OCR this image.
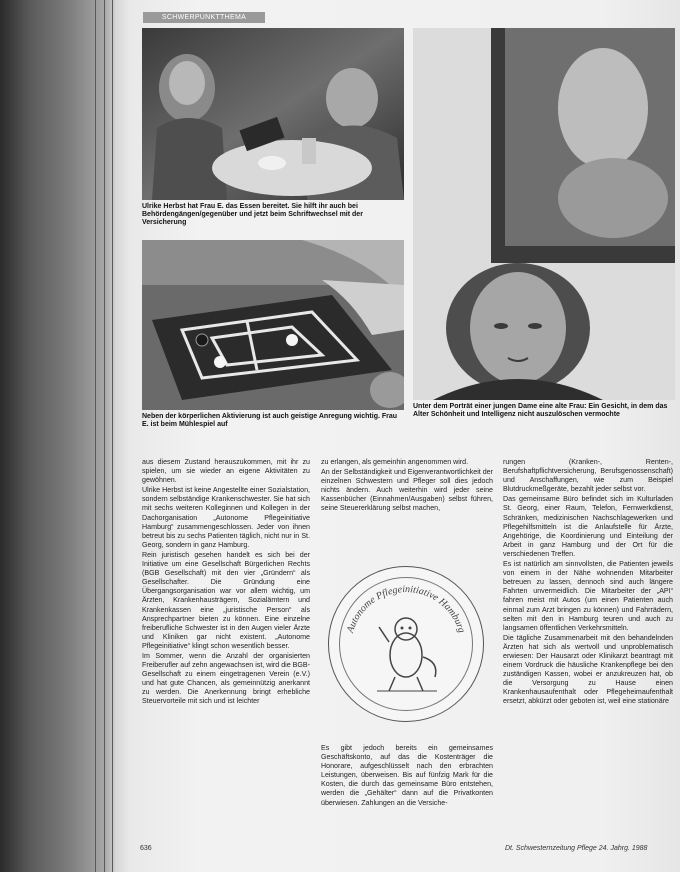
SCHWERPUNKTTHEMA
Ulrike Herbst hat Frau E. das Essen bereitet. Sie hilft ihr auch bei Behördengängen/gegenüber und jetzt beim Schriftwechsel mit der Versicherung
Neben der körperlichen Aktivierung ist auch geistige Anregung wichtig. Frau E. ist beim Mühlespiel auf
Unter dem Porträt einer jungen Dame eine alte Frau: Ein Gesicht, in dem das Alter Schönheit und Intelligenz nicht auszulöschen vermochte

aus diesem Zustand herauszukommen, mit ihr zu spielen, um sie wieder an eigene Aktivitäten zu gewöhnen.

Ulrike Herbst ist keine Angestellte einer Sozialstation, sondern selbständige Krankenschwester. Sie hat sich mit sechs weiteren Kolleginnen und Kollegen in der Dachorganisation „Autonome Pflegeinitiative Hamburg“ zusammengeschlossen. Jeder von ihnen betreut bis zu sechs Patienten täglich, nicht nur in St. Georg, sondern in ganz Hamburg.

Rein juristisch gesehen handelt es sich bei der Initiative um eine Gesellschaft Bürgerlichen Rechts (BGB Gesellschaft) mit den vier „Gründern“ als Gesellschafter. Die Gründung eine Übergangsorganisation war vor allem wichtig, um Ärzten, Krankenhausträgern, Sozialämtern und Krankenkassen eine „juristische Person“ als Ansprechpartner bieten zu können. Eine einzelne freiberufliche Schwester ist in den Augen vieler Ärzte und Kliniken gar nicht existent. „Autonome Pflegeinitiative“ klingt schon wesentlich besser.

Im Sommer, wenn die Anzahl der organisierten Freiberufler auf zehn angewachsen ist, wird die BGB-Gesellschaft zu einem eingetragenen Verein (e.V.) und hat gute Chancen, als gemeinnützig anerkannt zu werden. Die Anerkennung bringt erhebliche Steuervorteile mit sich und ist leichter

zu erlangen, als gemeinhin angenommen wird.

An der Selbständigkeit und Eigenverantwortlichkeit der einzelnen Schwestern und Pfleger soll dies jedoch nichts ändern. Auch weiterhin wird jeder seine Kassenbücher (Einnahmen/Ausgaben) selbst führen, seine Steuererklärung selbst machen,

Autonome Pflegeinitiative Hamburg

Es gibt jedoch bereits ein gemeinsames Geschäftskonto, auf das die Kostenträger die Honorare, aufgeschlüsselt nach den erbrachten Leistungen, überweisen. Bis auf fünfzig Mark für die Kosten, die durch das gemeinsame Büro entstehen, werden die „Gehälter“ dann auf die Privatkonten überwiesen. Zahlungen an die Versiche-

rungen (Kranken-, Renten-, Berufshaftpflichtversicherung, Berufsgenossenschaft) und Anschaffungen, wie zum Beispiel Blutdruckmeßgeräte, bezahlt jeder selbst vor.

Das gemeinsame Büro befindet sich im Kulturladen St. Georg, einer Raum, Telefon, Fernwerkdienst, Schränken, medizinischen Nachschlagewerken und Pflegehilfsmitteln ist die Anlaufstelle für Ärzte, Angehörige, die Koordinierung und Einteilung der Arbeit in ganz Hamburg und der Ort für die verschiedenen Treffen.

Es ist natürlich am sinnvollsten, die Patienten jeweils von einem in der Nähe wohnenden Mitarbeiter betreuen zu lassen, dennoch sind auch längere Fahrten unvermeidlich. Die Mitarbeiter der „API“ fahren meist mit Autos (um einen Patienten auch einmal zum Arzt bringen zu können) und Fahrrädern, selten mit den in Hamburg teuren und auch zu langsamen öffentlichen Verkehrsmitteln.

Die tägliche Zusammenarbeit mit den behandelnden Ärzten hat sich als wertvoll und unproblematisch erwiesen: Der Hausarzt oder Klinikarzt beantragt mit einem Vordruck die häusliche Krankenpflege bei den zuständigen Kassen, wobei er anzukreuzen hat, ob die Versorgung zu Hause einen Krankenhausaufenthalt oder Pflegeheimaufenthalt ersetzt, abkürzt oder geboten ist, weil eine stationäre

636	Dt. Schwesternzeitung Pflege 24. Jahrg. 1988
